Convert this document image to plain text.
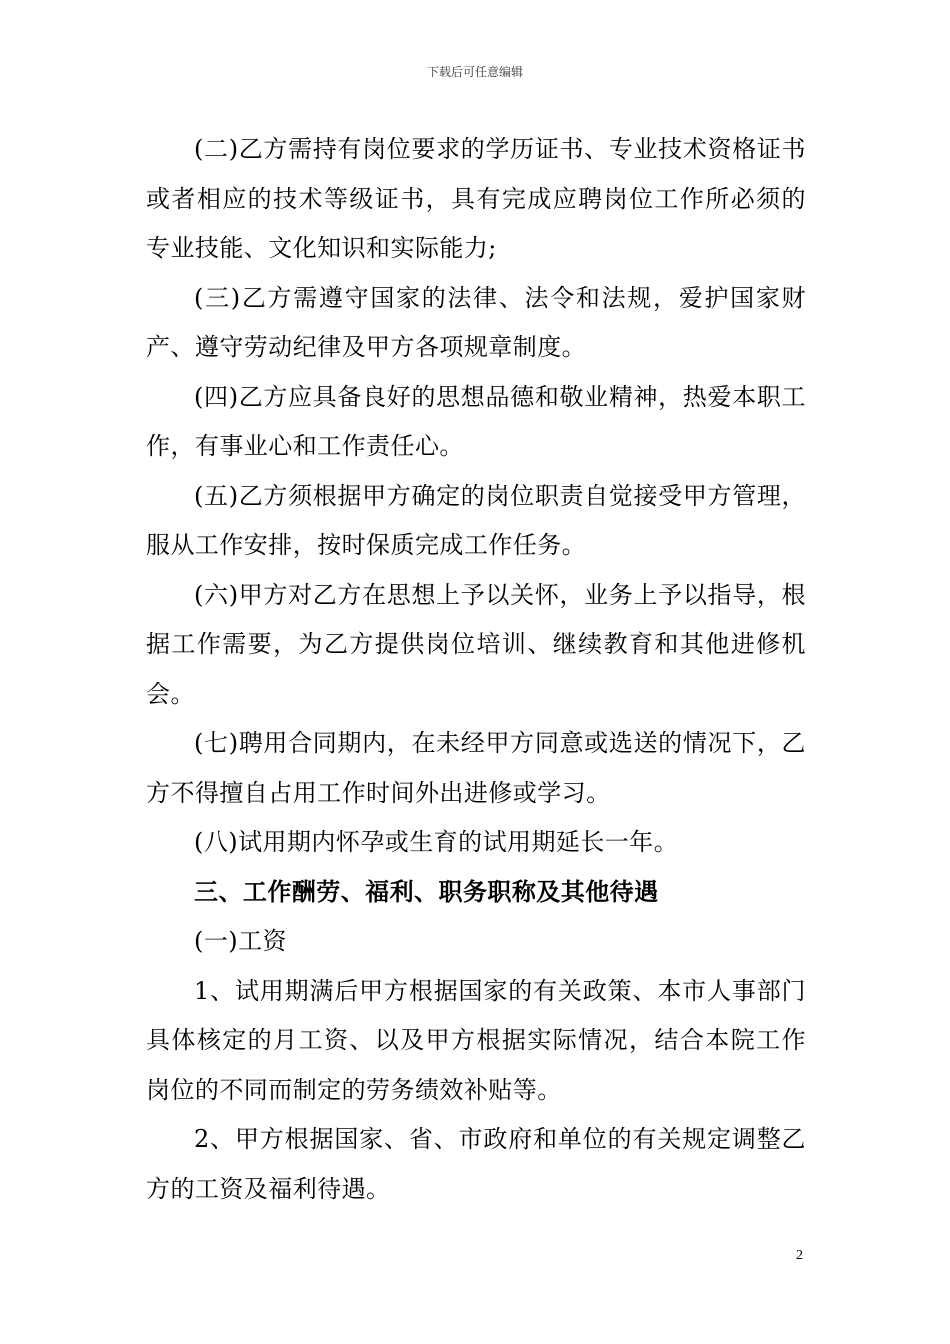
下载后可任意编辑

(二)乙方需持有岗位要求的学历证书、专业技术资格证书或者相应的技术等级证书，具有完成应聘岗位工作所必须的专业技能、文化知识和实际能力;

(三)乙方需遵守国家的法律、法令和法规，爱护国家财产、遵守劳动纪律及甲方各项规章制度。

(四)乙方应具备良好的思想品德和敬业精神，热爱本职工作，有事业心和工作责任心。

(五)乙方须根据甲方确定的岗位职责自觉接受甲方管理，服从工作安排，按时保质完成工作任务。

(六)甲方对乙方在思想上予以关怀，业务上予以指导，根据工作需要，为乙方提供岗位培训、继续教育和其他进修机会。

(七)聘用合同期内，在未经甲方同意或选送的情况下，乙方不得擅自占用工作时间外出进修或学习。

(八)试用期内怀孕或生育的试用期延长一年。

三、工作酬劳、福利、职务职称及其他待遇

(一)工资

1、试用期满后甲方根据国家的有关政策、本市人事部门具体核定的月工资、以及甲方根据实际情况，结合本院工作岗位的不同而制定的劳务绩效补贴等。

2、甲方根据国家、省、市政府和单位的有关规定调整乙方的工资及福利待遇。

2
